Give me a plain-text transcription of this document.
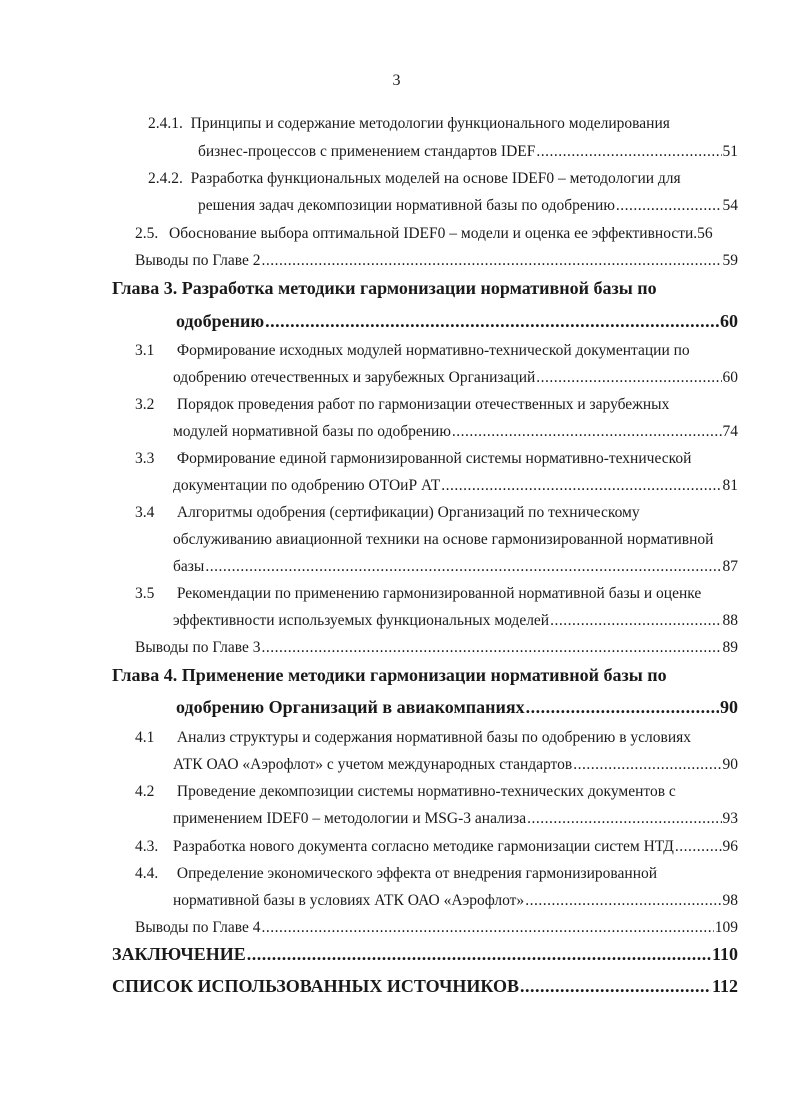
3
2.4.1. Принципы и содержание методологии функционального моделирования
бизнес-процессов с применением стандартов IDEF .....	51
2.4.2. Разработка функциональных моделей на основе IDEF0 – методологии для
решения задач декомпозиции нормативной базы по одобрению .....	54
2.5. Обоснование выбора оптимальной IDEF0 – модели и оценка ее эффективности. 56
Выводы по Главе 2 .....	59
Глава 3. Разработка методики гармонизации нормативной базы по
одобрению .....	60
3.1 Формирование исходных модулей нормативно-технической документации по
одобрению отечественных и зарубежных Организаций .....	60
3.2 Порядок проведения работ по гармонизации отечественных и зарубежных
модулей нормативной базы по одобрению .....	74
3.3 Формирование единой гармонизированной системы нормативно-технической
документации по одобрению ОТОиР АТ .....	81
3.4 Алгоритмы одобрения (сертификации) Организаций по техническому
обслуживанию авиационной техники на основе гармонизированной нормативной
базы .....	87
3.5 Рекомендации по применению гармонизированной нормативной базы и оценке
эффективности используемых функциональных моделей .....	88
Выводы по Главе 3 .....	89
Глава 4. Применение методики гармонизации нормативной базы по
одобрению Организаций в авиакомпаниях .....	90
4.1 Анализ структуры и содержания нормативной базы по одобрению в условиях
АТК ОАО «Аэрофлот» с учетом международных стандартов .....	90
4.2 Проведение декомпозиции системы нормативно-технических документов с
применением IDEF0 – методологии и MSG-3 анализа .....	93
4.3. Разработка нового документа согласно методике гармонизации систем НТД .....	96
4.4. Определение экономического эффекта от внедрения гармонизированной
нормативной базы в условиях АТК ОАО «Аэрофлот» .....	98
Выводы по Главе 4 .....	109
ЗАКЛЮЧЕНИЕ .....	110
СПИСОК ИСПОЛЬЗОВАННЫХ ИСТОЧНИКОВ .....	112
